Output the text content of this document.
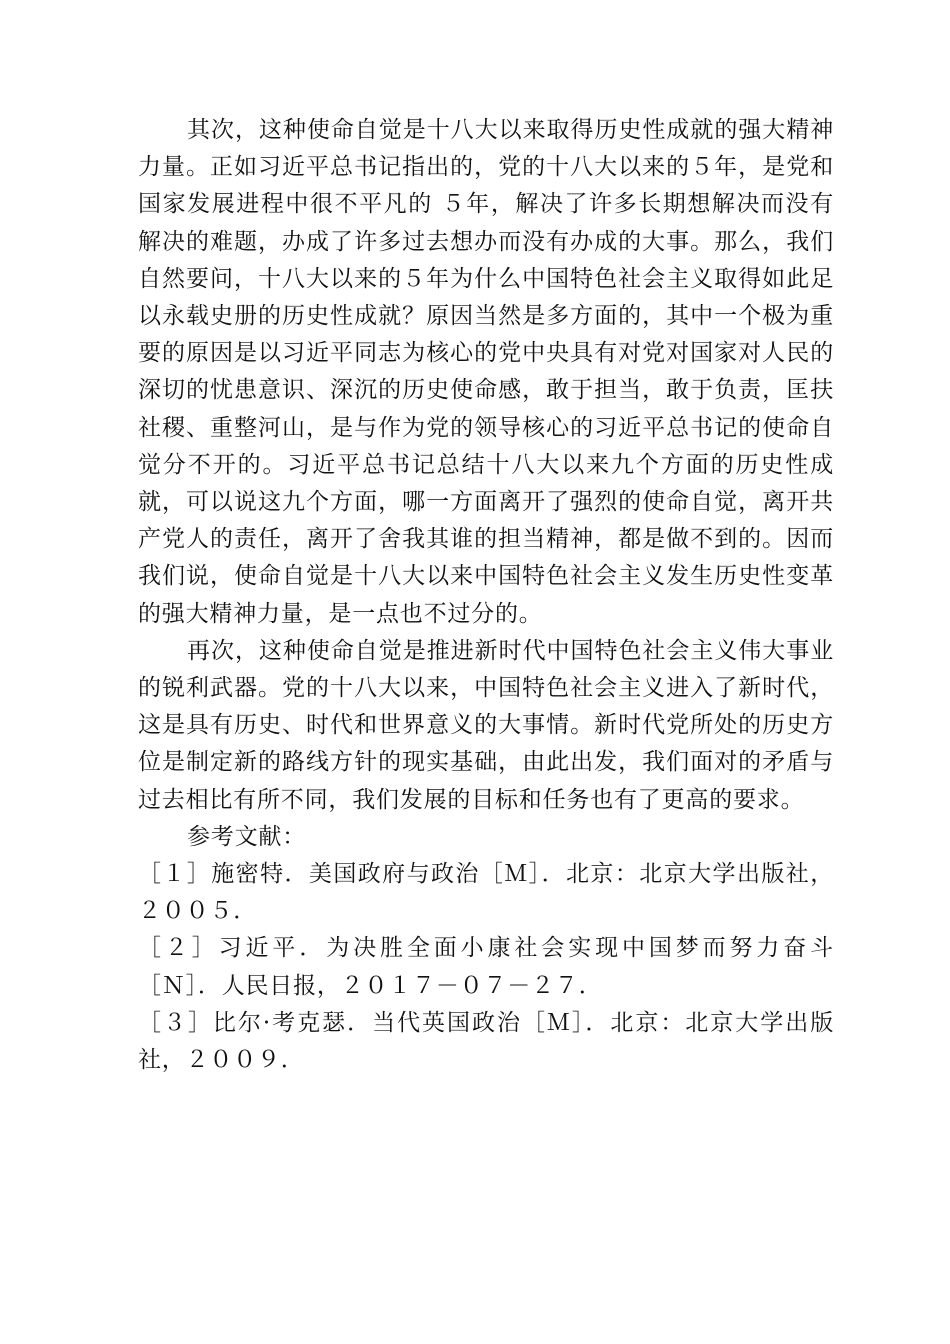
其次，这种使命自觉是十八大以来取得历史性成就的强大精神力量。正如习近平总书记指出的，党的十八大以来的５年，是党和国家发展进程中很不平凡的 ５年，解决了许多长期想解决而没有解决的难题，办成了许多过去想办而没有办成的大事。那么，我们自然要问，十八大以来的５年为什么中国特色社会主义取得如此足以永载史册的历史性成就？原因当然是多方面的，其中一个极为重要的原因是以习近平同志为核心的党中央具有对党对国家对人民的深切的忧患意识、深沉的历史使命感，敢于担当，敢于负责，匡扶社稷、重整河山，是与作为党的领导核心的习近平总书记的使命自觉分不开的。习近平总书记总结十八大以来九个方面的历史性成就，可以说这九个方面，哪一方面离开了强烈的使命自觉，离开共产党人的责任，离开了舍我其谁的担当精神，都是做不到的。因而我们说，使命自觉是十八大以来中国特色社会主义发生历史性变革的强大精神力量，是一点也不过分的。

再次，这种使命自觉是推进新时代中国特色社会主义伟大事业的锐利武器。党的十八大以来，中国特色社会主义进入了新时代，这是具有历史、时代和世界意义的大事情。新时代党所处的历史方位是制定新的路线方针的现实基础，由此出发，我们面对的矛盾与过去相比有所不同，我们发展的目标和任务也有了更高的要求。

参考文献：

［１］施密特．美国政府与政治［Ｍ］．北京：北京大学出版社，２００５．

［２］习近平．为决胜全面小康社会实现中国梦而努力奋斗［Ｎ］．人民日报，２０１７－０７－２７．

［３］比尔·考克瑟．当代英国政治［Ｍ］．北京：北京大学出版社，２００９．
